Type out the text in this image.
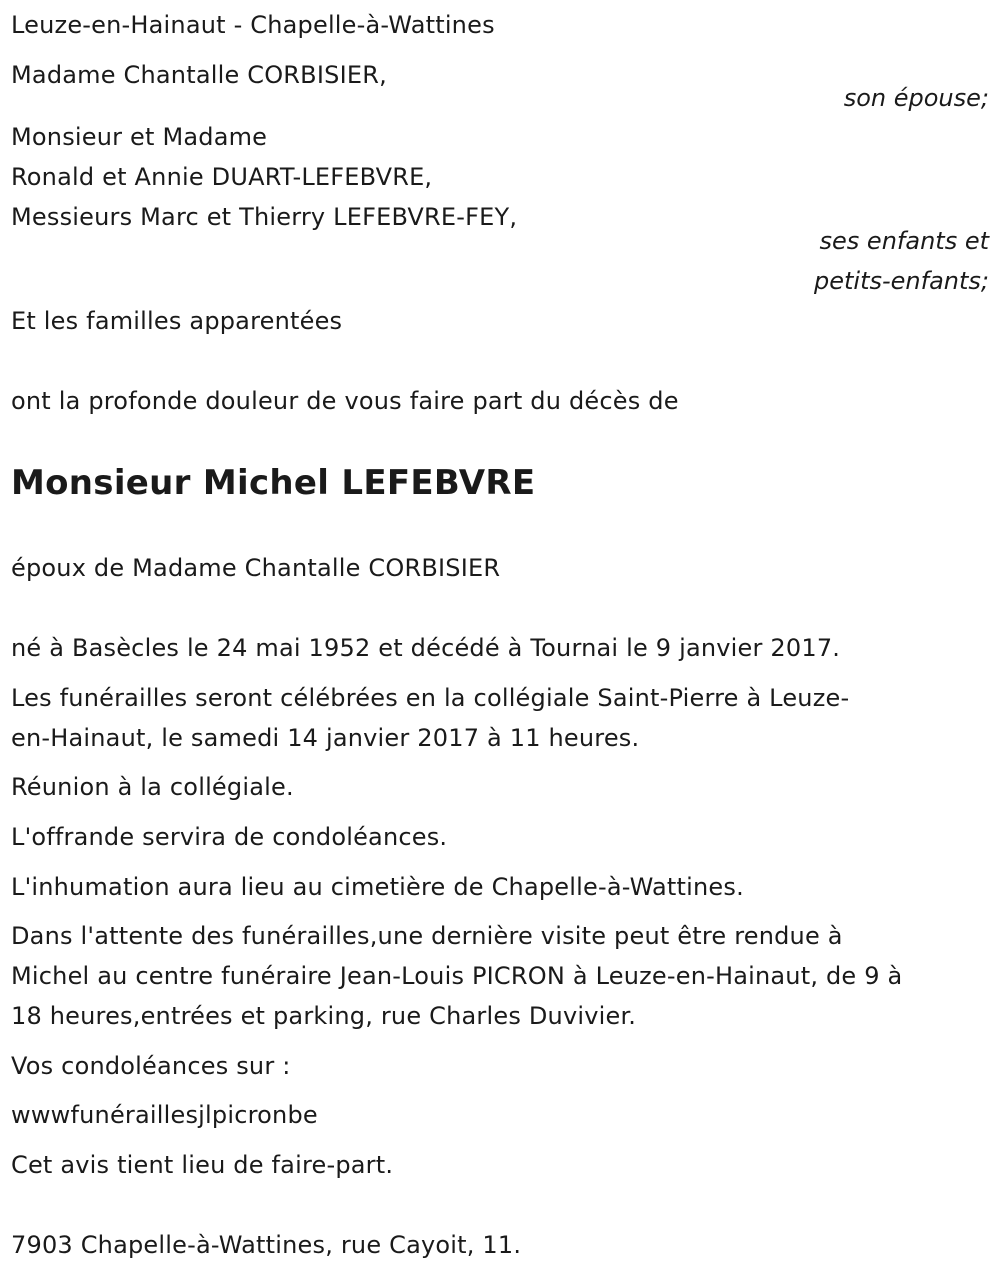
Leuze-en-Hainaut - Chapelle-à-Wattines
Madame Chantalle CORBISIER,
son épouse;
Monsieur et Madame
Ronald et Annie DUART-LEFEBVRE,
Messieurs Marc et Thierry LEFEBVRE-FEY,
ses enfants et
petits-enfants;
Et les familles apparentées
ont la profonde douleur de vous faire part du décès de
Monsieur Michel LEFEBVRE
époux de Madame Chantalle CORBISIER
né à Basècles le 24 mai 1952 et décédé à Tournai le 9 janvier 2017.
Les funérailles seront célébrées en la collégiale Saint-Pierre à Leuze-
en-Hainaut, le samedi 14 janvier 2017 à 11 heures.
Réunion à la collégiale.
L'offrande servira de condoléances.
L'inhumation aura lieu au cimetière de Chapelle-à-Wattines.
Dans l'attente des funérailles,une dernière visite peut être rendue à
Michel au centre funéraire Jean-Louis PICRON à Leuze-en-Hainaut, de 9 à
18 heures,entrées et parking, rue Charles Duvivier.
Vos condoléances sur :
wwwfunéraillesjlpicronbe
Cet avis tient lieu de faire-part.
7903 Chapelle-à-Wattines, rue Cayoit, 11.
